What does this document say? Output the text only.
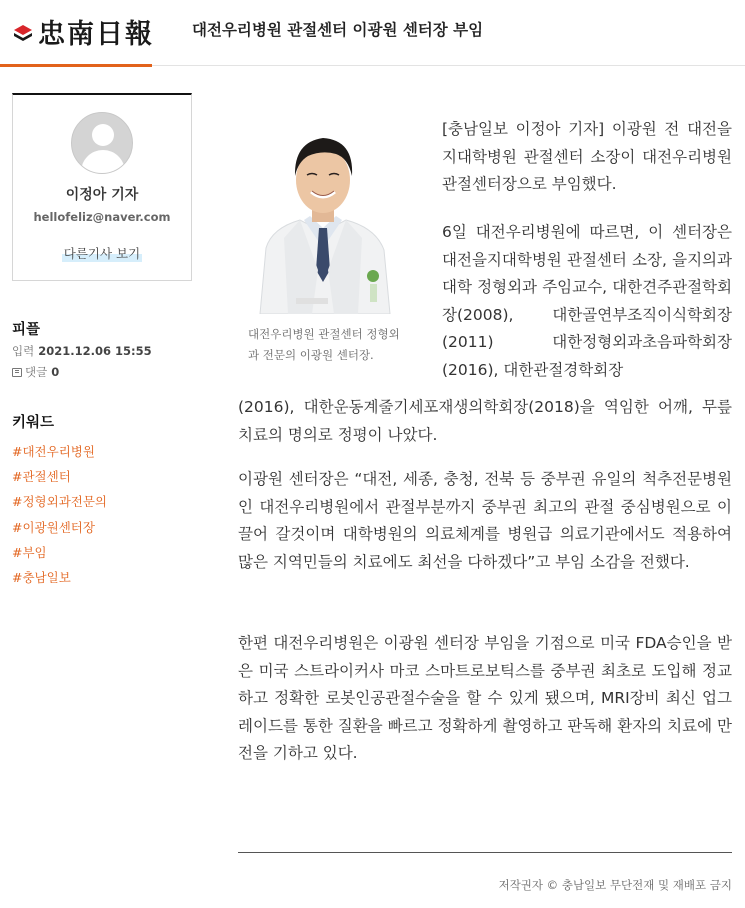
忠南日報 대전우리병원 관절센터 이광원 센터장 부임
이정아 기자
hellofeliz@naver.com
다른기사 보기
피플
입력 2021.12.06 15:55
댓글 0
키워드
#대전우리병원
#관절센터
#정형외과전문의
#이광원센터장
#부임
#충남일보
대전우리병원 관절센터 정형외과 전문의 이광원 센터장.

[충남일보 이정아 기자] 이광원 전 대전을지대학병원 관절센터 소장이 대전우리병원 관절센터장으로 부임했다.

6일 대전우리병원에 따르면, 이 센터장은 대전을지대학병원 관절센터 소장, 을지의과대학 정형외과 주임교수, 대한견주관절학회장(2008), 대한골연부조직이식학회장(2011) 대한정형외과초음파학회장(2016), 대한관절경학회장

(2016), 대한운동계줄기세포재생의학회장(2018)을 역임한 어깨, 무릎 치료의 명의로 정평이 나았다.

이광원 센터장은 “대전, 세종, 충청, 전북 등 중부권 유일의 척추전문병원인 대전우리병원에서 관절부분까지 중부권 최고의 관절 중심병원으로 이끌어 갈것이며 대학병원의 의료체계를 병원급 의료기관에서도 적용하여 많은 지역민들의 치료에도 최선을 다하겠다”고 부임 소감을 전했다.

한편 대전우리병원은 이광원 센터장 부임을 기점으로 미국 FDA승인을 받은 미국 스트라이커사 마코 스마트로보틱스를 중부권 최초로 도입해 정교하고 정확한 로봇인공관절수술을 할 수 있게 됐으며, MRI장비 최신 업그레이드를 통한 질환을 빠르고 정확하게 촬영하고 판독해 환자의 치료에 만전을 기하고 있다.

저작권자 © 충남일보 무단전재 및 재배포 금지
